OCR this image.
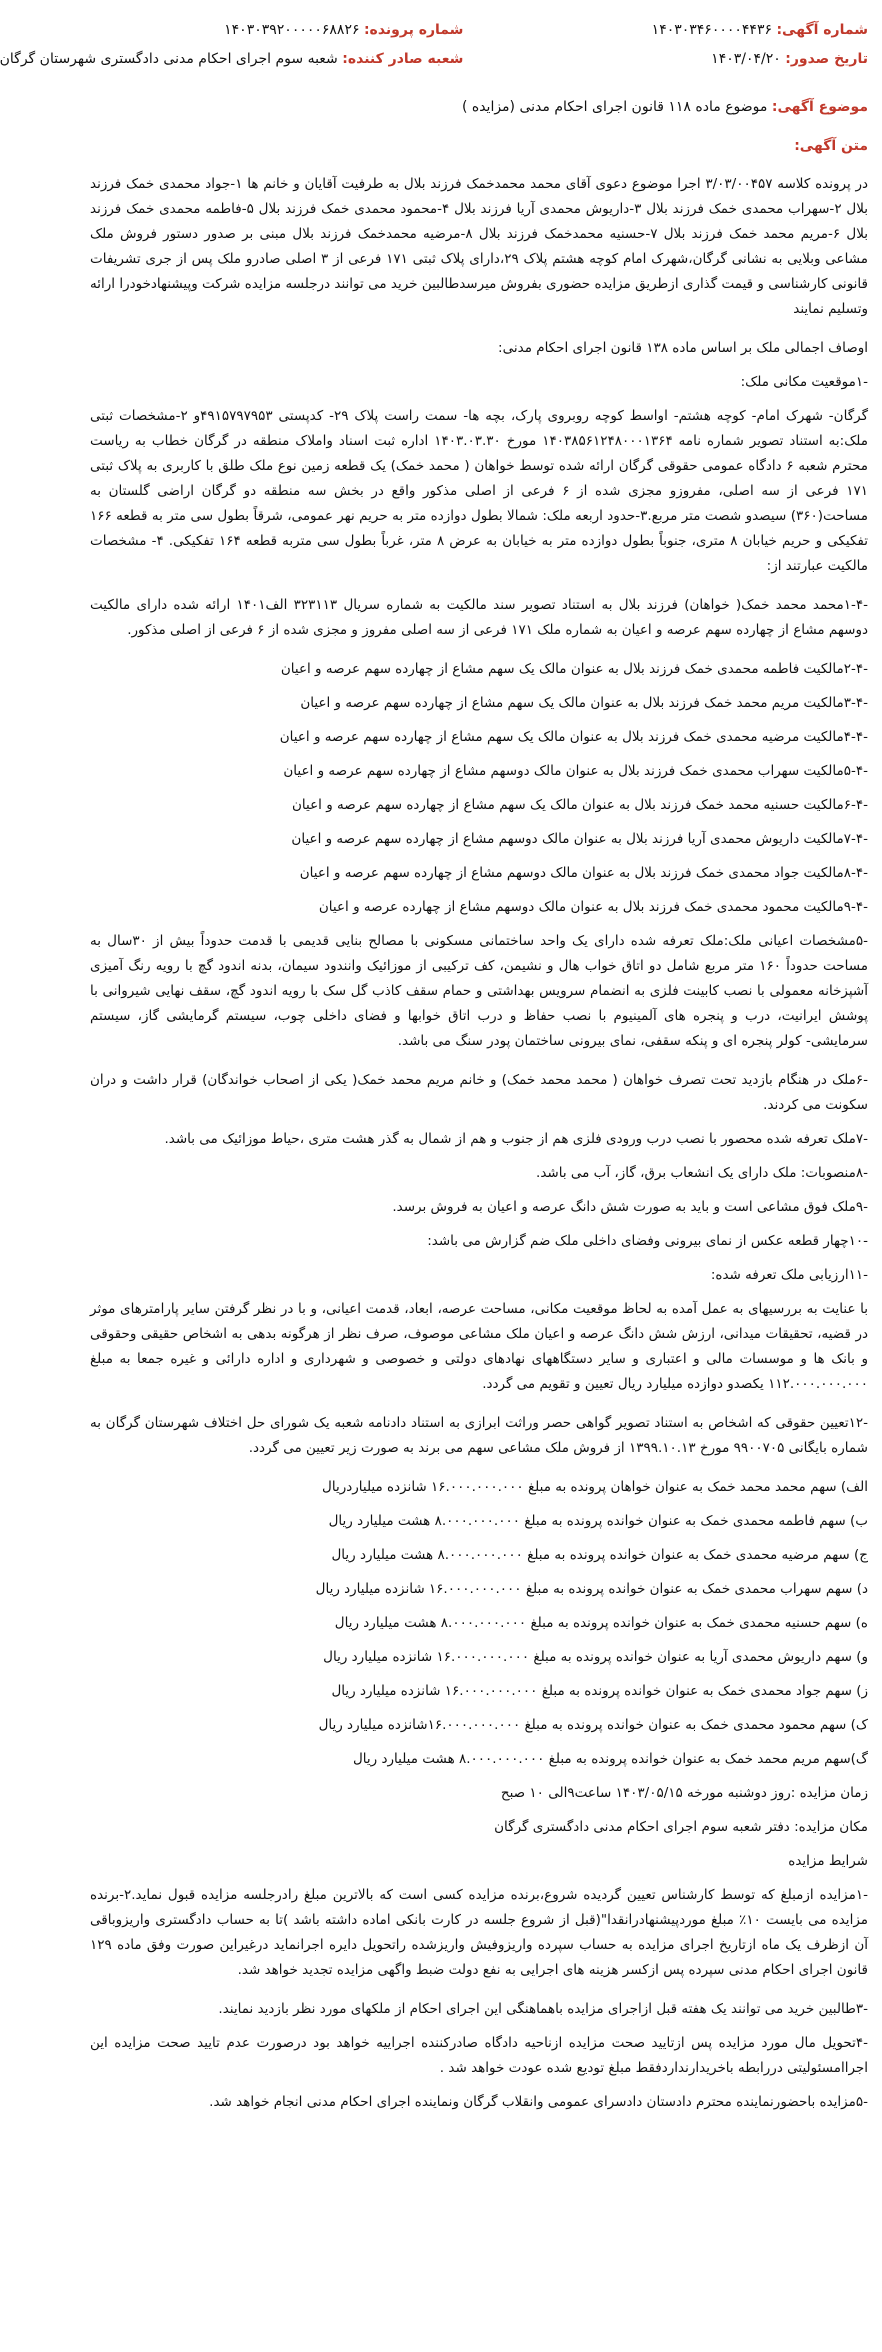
شماره آگهی: ۱۴۰۳۰۳۴۶۰۰۰۰۴۴۳۶
تاریخ صدور: ۱۴۰۳/۰۴/۲۰
شماره پرونده: ۱۴۰۳۰۳۹۲۰۰۰۰۰۶۸۸۲۶
شعبه صادر کننده: شعبه سوم اجرای احکام مدنی دادگستری شهرستان گرگان
موضوع آگهی: موضوع ماده ۱۱۸ قانون اجرای احکام مدنی (مزایده )
متن آگهی:

در پرونده کلاسه ۳/۰۳/۰۰۴۵۷ اجرا موضوع دعوی آقای محمد محمدخمک فرزند بلال به طرفیت آقایان و خانم ها ۱-جواد محمدی خمک فرزند بلال ۲-سهراب محمدی خمک فرزند بلال ۳-داریوش محمدی آریا فرزند بلال ۴-محمود محمدی خمک فرزند بلال ۵-فاطمه محمدی خمک فرزند بلال ۶-مریم محمد خمک فرزند بلال ۷-حسنیه محمدخمک فرزند بلال ۸-مرضیه محمدخمک فرزند بلال مبنی بر صدور دستور فروش ملک مشاعی وبلایی به نشانی گرگان،شهرک امام کوچه هشتم پلاک ۲۹،دارای پلاک ثبتی ۱۷۱ فرعی از ۳ اصلی صادرو ملک پس از جری تشریفات قانونی کارشناسی و قیمت گذاری ازطریق مزایده حضوری بفروش میرسدطالبین خرید می توانند درجلسه مزایده شرکت وپیشنهادخودرا ارائه وتسلیم نمایند

اوصاف اجمالی ملک بر اساس ماده ۱۳۸ قانون اجرای احکام مدنی:

-۱موقعیت مکانی ملک:

گرگان- شهرک امام- کوچه هشتم- اواسط کوچه روبروی پارک، بچه ها- سمت راست پلاک ۲۹- کدپستی ۴۹۱۵۷۹۷۹۵۳و ۲-مشخصات ثبتی ملک:به استناد تصویر شماره نامه ۱۴۰۳۸۵۶۱۲۴۸۰۰۰۱۳۶۴ مورخ ۱۴۰۳.۰۳.۳۰ اداره ثبت اسناد واملاک منطقه در گرگان خطاب به ریاست محترم شعبه ۶ دادگاه عمومی حقوقی گرگان ارائه شده توسط خواهان ( محمد خمک) یک قطعه زمین نوع ملک طلق با کاربری به پلاک ثبتی ۱۷۱ فرعی از سه اصلی، مفروزو مجزی شده از ۶ فرعی از اصلی مذکور واقع در بخش سه منطقه دو گرگان اراضی گلستان به مساحت(۳۶۰) سیصدو شصت متر مربع.۳-حدود اربعه ملک: شمالا بطول دوازده متر به حریم نهر عمومی، شرقاً بطول سی متر به قطعه ۱۶۶ تفکیکی و حریم خیابان ۸ متری، جنوباً بطول دوازده متر به خیابان به عرض ۸ متر، غرباً بطول سی متربه قطعه ۱۶۴ تفکیکی. ۴- مشخصات مالکیت عبارتند از:

-۱-۴محمد محمد خمک( خواهان) فرزند بلال به استناد تصویر سند مالکیت به شماره سریال ۳۲۳۱۱۳ الف۱۴۰۱ ارائه شده دارای مالکیت دوسهم مشاع از چهارده سهم عرصه و اعیان به شماره ملک ۱۷۱ فرعی از سه اصلی مفروز و مجزی شده از ۶ فرعی از اصلی مذکور.

-۲-۴مالکیت فاطمه محمدی خمک فرزند بلال به عنوان مالک یک سهم مشاع از چهارده سهم عرصه و اعیان

-۳-۴مالکیت مریم محمد خمک فرزند بلال به عنوان مالک یک سهم مشاع از چهارده سهم عرصه و اعیان

-۴-۴مالکیت مرضیه محمدی خمک فرزند بلال به عنوان مالک یک سهم مشاع از چهارده سهم عرصه و اعیان

-۵-۴مالکیت سهراب محمدی خمک فرزند بلال به عنوان مالک دوسهم مشاع از چهارده سهم عرصه و اعیان

-۶-۴مالکیت حسنیه محمد خمک فرزند بلال به عنوان مالک یک سهم مشاع از چهارده سهم عرصه و اعیان

-۷-۴مالکیت داریوش محمدی آریا فرزند بلال به عنوان مالک دوسهم مشاع از چهارده سهم عرصه و اعیان

-۸-۴مالکیت جواد محمدی خمک فرزند بلال به عنوان مالک دوسهم مشاع از چهارده سهم عرصه و اعیان

-۹-۴مالکیت محمود محمدی خمک فرزند بلال به عنوان مالک دوسهم مشاع از چهارده عرصه و اعیان

-۵مشخصات اعیانی ملک:ملک تعرفه شده دارای یک واحد ساختمانی مسکونی با مصالح بنایی قدیمی با قدمت حدوداً بیش از ۳۰سال به مساحت حدوداً ۱۶۰ متر مربع شامل دو اتاق خواب هال و نشیمن، کف ترکیبی از موزائیک وانندود سیمان، بدنه اندود گچ با رویه رنگ آمیزی آشپزخانه معمولی با نصب کابینت فلزی به انضمام سرویس بهداشتی و حمام سقف کاذب گل سک با رویه اندود گچ، سقف نهایی شیروانی با پوشش ایرانیت، درب و پنجره های آلمینیوم با نصب حفاظ و درب اتاق خوابها و فضای داخلی چوب، سیستم گرمایشی گاز، سیستم سرمایشی- کولر پنجره ای و پنکه سقفی، نمای بیرونی ساختمان پودر سنگ می باشد.

-۶ملک در هنگام بازدید تحت تصرف خواهان ( محمد محمد خمک) و خانم مریم محمد خمک( یکی از اصحاب خواندگان) قرار داشت و دران سکونت می کردند.

-۷ملک تعرفه شده محصور با نصب درب ورودی فلزی هم از جنوب و هم از شمال به گذر هشت متری ،حیاط موزائیک می باشد.

-۸منصوبات: ملک دارای یک انشعاب برق، گاز، آب می باشد.

-۹ملک فوق مشاعی است و باید به صورت شش دانگ عرصه و اعیان به فروش برسد.

-۱۰چهار قطعه عکس از نمای بیرونی وفضای داخلی ملک ضم گزارش می باشد:

-۱۱ارزیابی ملک تعرفه شده:

با عنایت به بررسیهای به عمل آمده به لحاظ موقعیت مکانی، مساحت عرصه، ابعاد، قدمت اعیانی، و با در نظر گرفتن سایر پارامترهای موثر در قضیه، تحقیقات میدانی، ارزش شش دانگ عرصه و اعیان ملک مشاعی موصوف، صرف نظر از هرگونه بدهی به اشخاص حقیقی وحقوقی و بانک ها و موسسات مالی و اعتباری و سایر دستگاههای نهادهای دولتی و خصوصی و شهرداری و اداره دارائی و غیره جمعا به مبلغ ۱۱۲.۰۰۰.۰۰۰.۰۰۰ یکصدو دوازده میلیارد ریال تعیین و تقویم می گردد.

-۱۲تعیین حقوقی که اشخاص به استناد تصویر گواهی حصر وراثت ابرازی به استناد دادنامه شعبه یک شورای حل اختلاف شهرستان گرگان به شماره بایگانی ۹۹۰۰۷۰۵ مورخ ۱۳۹۹.۱۰.۱۳ از فروش ملک مشاعی سهم می برند به صورت زیر تعیین می گردد.

الف) سهم محمد محمد خمک به عنوان خواهان پرونده به مبلغ ۱۶.۰۰۰.۰۰۰.۰۰۰ شانزده میلیاردریال

ب) سهم فاطمه محمدی خمک به عنوان خوانده پرونده به مبلغ ۸.۰۰۰.۰۰۰.۰۰۰ هشت میلیارد ریال

ج) سهم مرضیه محمدی خمک به عنوان خوانده پرونده به مبلغ ۸.۰۰۰.۰۰۰.۰۰۰ هشت میلیارد ریال

د) سهم سهراب محمدی خمک به عنوان خوانده پرونده به مبلغ ۱۶.۰۰۰.۰۰۰.۰۰۰ شانزده میلیارد ریال

ه) سهم حسنیه محمدی خمک به عنوان خوانده پرونده به مبلغ ۸.۰۰۰.۰۰۰.۰۰۰ هشت میلیارد ریال

و) سهم داریوش محمدی آریا به عنوان خوانده پرونده به مبلغ ۱۶.۰۰۰.۰۰۰.۰۰۰ شانزده میلیارد ریال

ز) سهم جواد محمدی خمک به عنوان خوانده پرونده به مبلغ ۱۶.۰۰۰.۰۰۰.۰۰۰ شانزده میلیارد ریال

ک) سهم محمود محمدی خمک به عنوان خوانده پرونده به مبلغ ۱۶.۰۰۰.۰۰۰.۰۰۰شانزده میلیارد ریال

گ)سهم مریم محمد خمک به عنوان خوانده پرونده به مبلغ ۸.۰۰۰.۰۰۰.۰۰۰ هشت میلیارد ریال

زمان مزایده :روز دوشنبه مورخه ۱۴۰۳/۰۵/۱۵ ساعت۹الی ۱۰ صبح

مکان مزایده: دفتر شعبه سوم اجرای احکام مدنی دادگستری گرگان

شرایط مزایده

-۱مزایده ازمبلغ که توسط کارشناس تعیین گردیده شروع،برنده مزایده کسی است که بالاترین مبلغ رادرجلسه مزایده قبول نماید.۲-برنده مزایده می بایست ۱۰٪ مبلغ موردپیشنهادرانقدا"(قبل از شروع جلسه در کارت بانکی اماده داشته باشد )تا به حساب دادگستری واریزوباقی آن ازظرف یک ماه ازتاریخ اجرای مزایده به حساب سپرده واریزوفیش واریزشده راتحویل دایره اجرانماید درغیراین صورت وفق ماده ۱۲۹ قانون اجرای احکام مدنی سپرده پس ازکسر هزینه های اجرایی به نفع دولت ضبط واگهی مزایده تجدید خواهد شد.

-۳طالبین خرید می توانند یک هفته قبل ازاجرای مزایده باهماهنگی این اجرای احکام از ملکهای مورد نظر بازدید نمایند.

-۴تحویل مال مورد مزایده پس ازتایید صحت مزایده ازناحیه دادگاه صادرکننده اجراییه خواهد بود درصورت عدم تایید صحت مزایده این اجراامسئولیتی دررابطه باخریدارنداردفقط مبلغ تودیع شده عودت خواهد شد .

-۵مزایده باحضورنماینده محترم دادستان دادسرای عمومی وانقلاب گرگان ونماینده اجرای احکام مدنی انجام خواهد شد.
